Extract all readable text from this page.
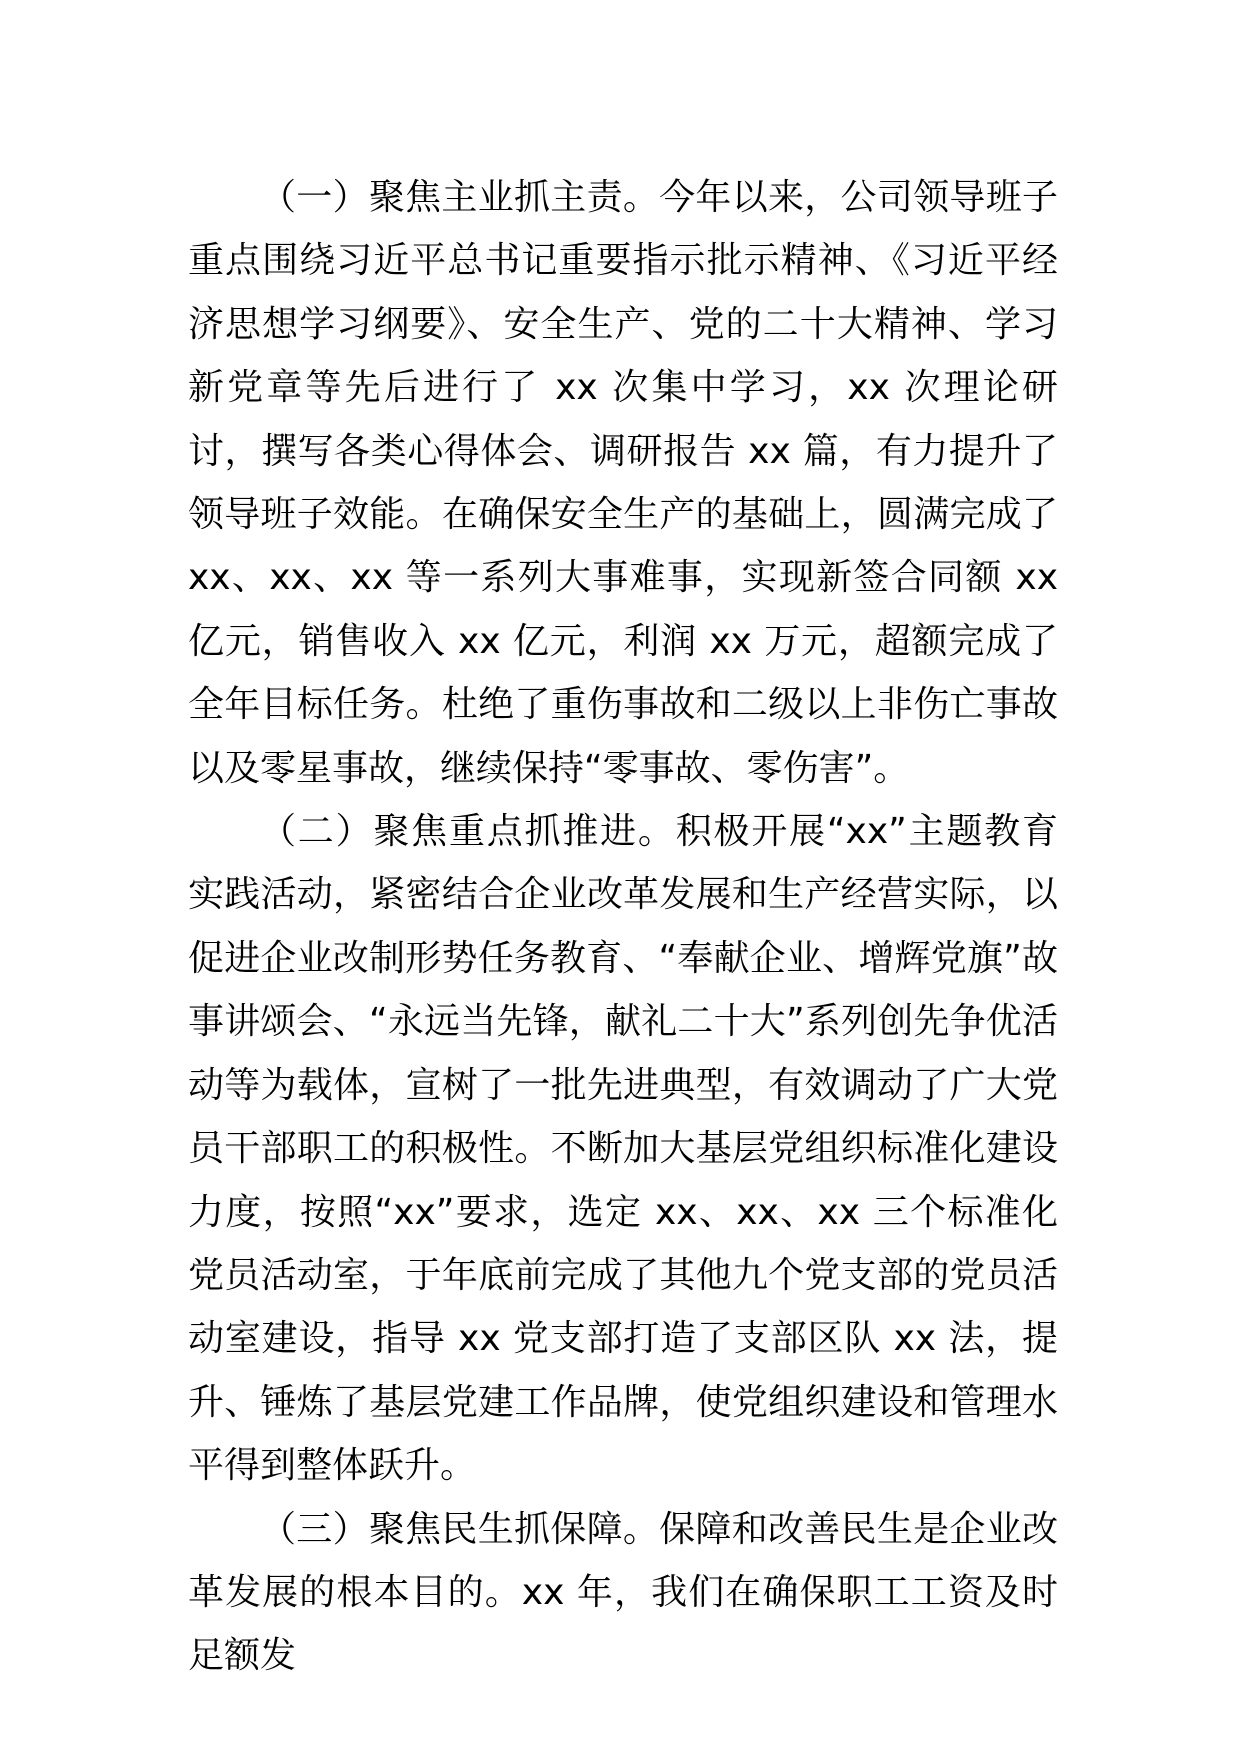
（一）聚焦主业抓主责。今年以来，公司领导班子重点围绕习近平总书记重要指示批示精神、《习近平经济思想学习纲要》、安全生产、党的二十大精神、学习新党章等先后进行了 xx 次集中学习，xx 次理论研讨，撰写各类心得体会、调研报告 xx 篇，有力提升了领导班子效能。在确保安全生产的基础上，圆满完成了 xx、xx、xx 等一系列大事难事，实现新签合同额 xx 亿元，销售收入 xx 亿元，利润 xx 万元，超额完成了全年目标任务。杜绝了重伤事故和二级以上非伤亡事故以及零星事故，继续保持“零事故、零伤害”。

（二）聚焦重点抓推进。积极开展“xx”主题教育实践活动，紧密结合企业改革发展和生产经营实际，以促进企业改制形势任务教育、“奉献企业、增辉党旗”故事讲颂会、“永远当先锋，献礼二十大”系列创先争优活动等为载体，宣树了一批先进典型，有效调动了广大党员干部职工的积极性。不断加大基层党组织标准化建设力度，按照“xx”要求，选定 xx、xx、xx 三个标准化党员活动室，于年底前完成了其他九个党支部的党员活动室建设，指导 xx 党支部打造了支部区队 xx 法，提升、锤炼了基层党建工作品牌，使党组织建设和管理水平得到整体跃升。

（三）聚焦民生抓保障。保障和改善民生是企业改革发展的根本目的。xx 年，我们在确保职工工资及时足额发
